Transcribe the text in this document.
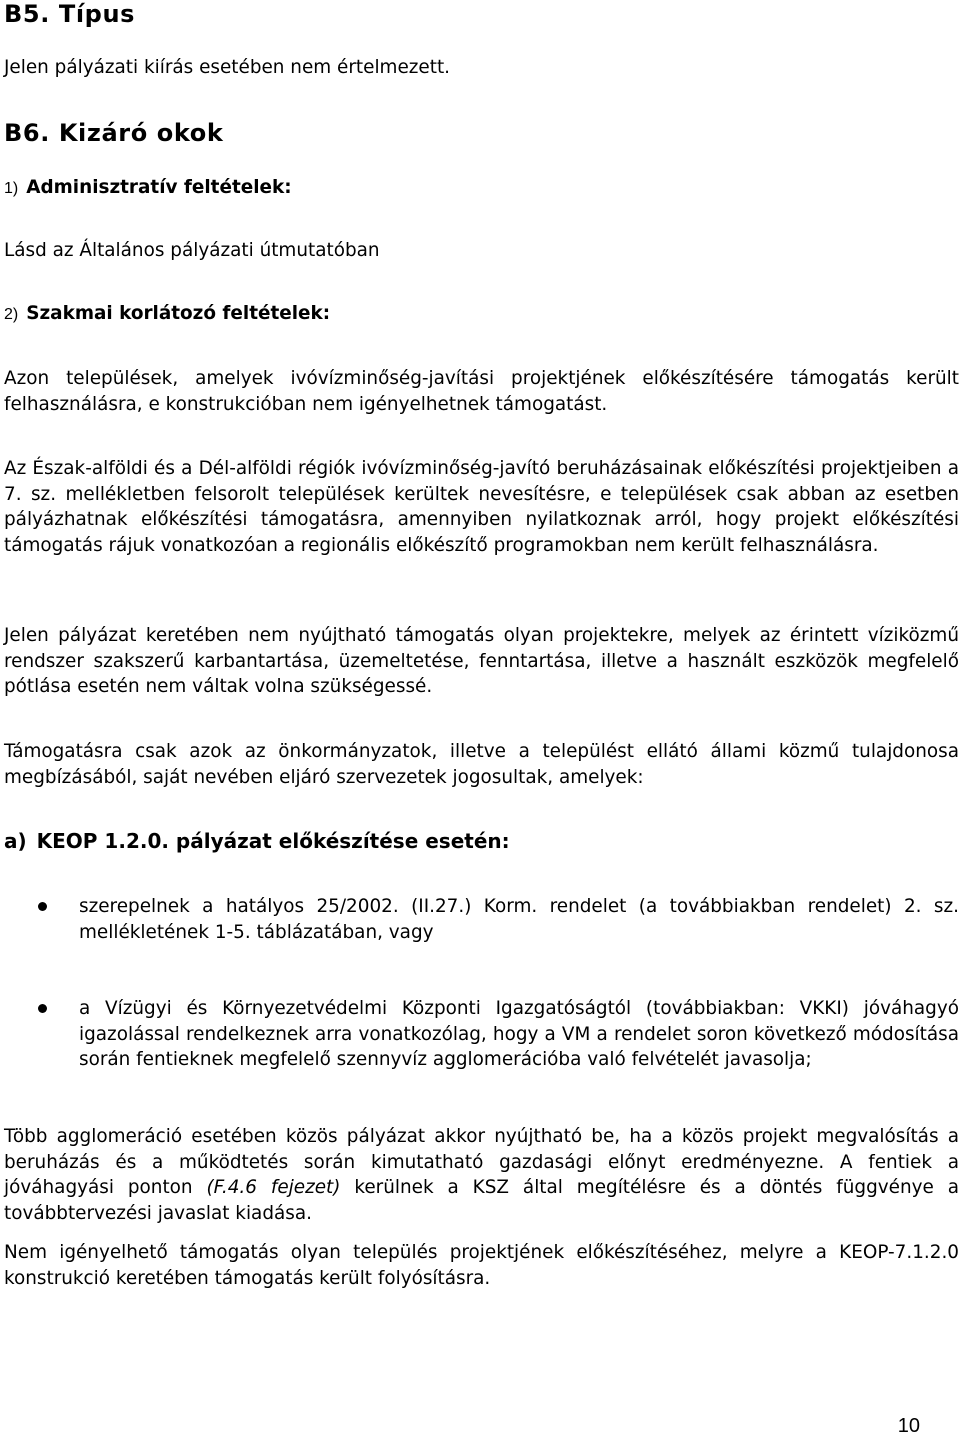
B5. Típus

Jelen pályázati kiírás esetében nem értelmezett.

B6. Kizáró okok
1) Adminisztratív feltételek:

Lásd az Általános pályázati útmutatóban

2) Szakmai korlátozó feltételek:

Azon települések, amelyek ivóvízminőség-javítási projektjének előkészítésére támogatás került felhasználásra, e konstrukcióban nem igényelhetnek támogatást.

Az Észak-alföldi és a Dél-alföldi régiók ivóvízminőség-javító beruházásainak előkészítési projektjeiben a 7. sz. mellékletben felsorolt települések kerültek nevesítésre, e települések csak abban az esetben pályázhatnak előkészítési támogatásra, amennyiben nyilatkoznak arról, hogy projekt előkészítési támogatás rájuk vonatkozóan a regionális előkészítő programokban nem került felhasználásra.

Jelen pályázat keretében nem nyújtható támogatás olyan projektekre, melyek az érintett víziközmű rendszer szakszerű karbantartása, üzemeltetése, fenntartása, illetve a használt eszközök megfelelő pótlása esetén nem váltak volna szükségessé.

Támogatásra csak azok az önkormányzatok, illetve a települést ellátó állami közmű tulajdonosa megbízásából, saját nevében eljáró szervezetek jogosultak, amelyek:

a) KEOP 1.2.0. pályázat előkészítése esetén:

szerepelnek a hatályos 25/2002. (II.27.) Korm. rendelet (a továbbiakban rendelet) 2. sz. mellékletének 1-5. táblázatában, vagy

a Vízügyi és Környezetvédelmi Központi Igazgatóságtól (továbbiakban: VKKI) jóváhagyó igazolással rendelkeznek arra vonatkozólag, hogy a VM a rendelet soron következő módosítása során fentieknek megfelelő szennyvíz agglomerációba való felvételét javasolja;

Több agglomeráció esetében közös pályázat akkor nyújtható be, ha a közös projekt megvalósítás a beruházás és a működtetés során kimutatható gazdasági előnyt eredményezne. A fentiek a jóváhagyási ponton (F.4.6 fejezet) kerülnek a KSZ által megítélésre és a döntés függvénye a továbbtervezési javaslat kiadása.

Nem igényelhető támogatás olyan település projektjének előkészítéséhez, melyre a KEOP-7.1.2.0 konstrukció keretében támogatás került folyósításra.

10
